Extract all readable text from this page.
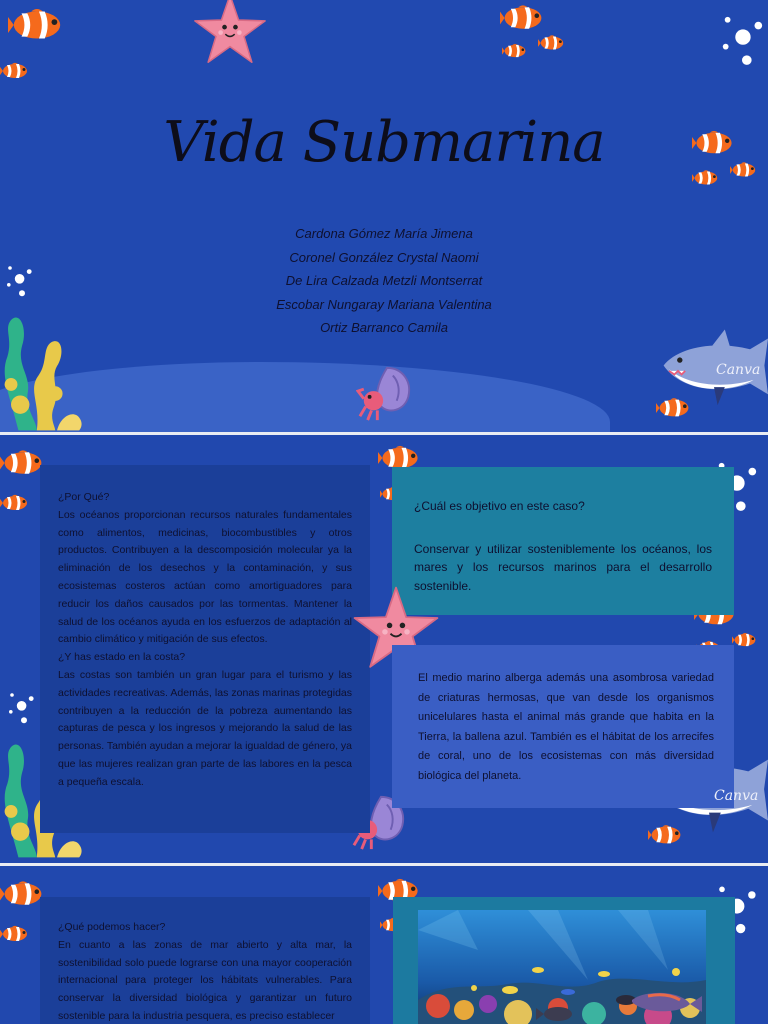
Canva
Vida Submarina
Cardona Gómez María Jimena
Coronel González Crystal Naomi
De Lira Calzada Metzli Montserrat
Escobar Nungaray Mariana Valentina
Ortiz Barranco Camila

¿Por Qué?

Los océanos proporcionan recursos naturales fundamentales como alimentos, medicinas, biocombustibles y otros productos. Contribuyen a la descomposición molecular ya la eliminación de los desechos y la contaminación, y sus ecosistemas costeros actúan como amortiguadores para reducir los daños causados por las tormentas. Mantener la salud de los océanos ayuda en los esfuerzos de adaptación al cambio climático y mitigación de sus efectos.

¿Y has estado en la costa?

Las costas son también un gran lugar para el turismo y las actividades recreativas. Además, las zonas marinas protegidas contribuyen a la reducción de la pobreza aumentando las capturas de pesca y los ingresos y mejorando la salud de las personas. También ayudan a mejorar la igualdad de género, ya que las mujeres realizan gran parte de las labores en la pesca a pequeña escala.

¿Cuál es objetivo en este caso?

Conservar y utilizar sosteniblemente los océanos, los mares y los recursos marinos para el desarrollo sostenible.

El medio marino alberga además una asombrosa variedad de criaturas hermosas, que van desde los organismos unicelulares hasta el animal más grande que habita en la Tierra, la ballena azul. También es el hábitat de los arrecifes de coral, uno de los ecosistemas con más diversidad biológica del planeta.

Canva

¿Qué podemos hacer?

En cuanto a las zonas de mar abierto y alta mar, la sostenibilidad solo puede lograrse con una mayor cooperación internacional para proteger los hábitats vulnerables. Para conservar la diversidad biológica y garantizar un futuro sostenible para la industria pesquera, es preciso establecer
